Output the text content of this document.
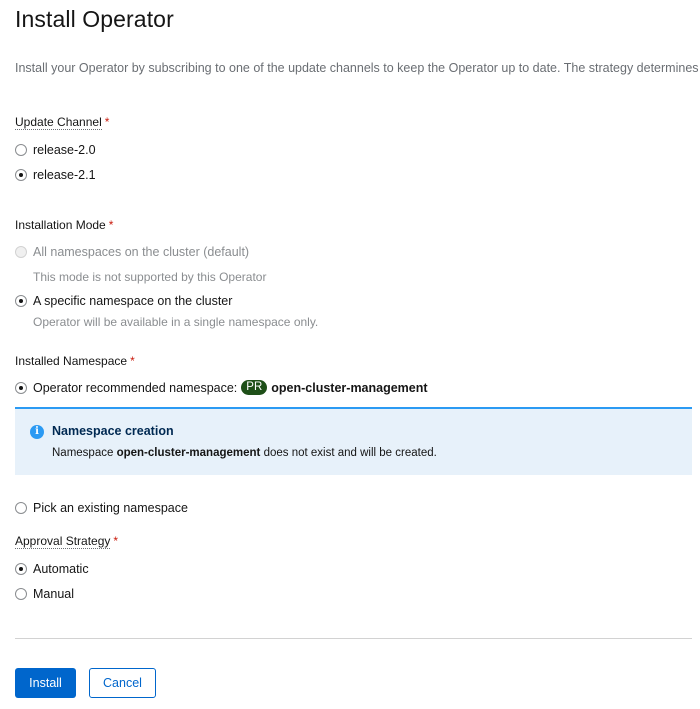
Install Operator

Install your Operator by subscribing to one of the update channels to keep the Operator up to date. The strategy determines

Update Channel *
release-2.0
release-2.1
Installation Mode *
All namespaces on the cluster (default)
This mode is not supported by this Operator
A specific namespace on the cluster
Operator will be available in a single namespace only.
Installed Namespace *
Operator recommended namespace: PR open-cluster-management
i	Namespace creation
Namespace open-cluster-management does not exist and will be created.
Pick an existing namespace
Approval Strategy *
Automatic
Manual
Install	Cancel
